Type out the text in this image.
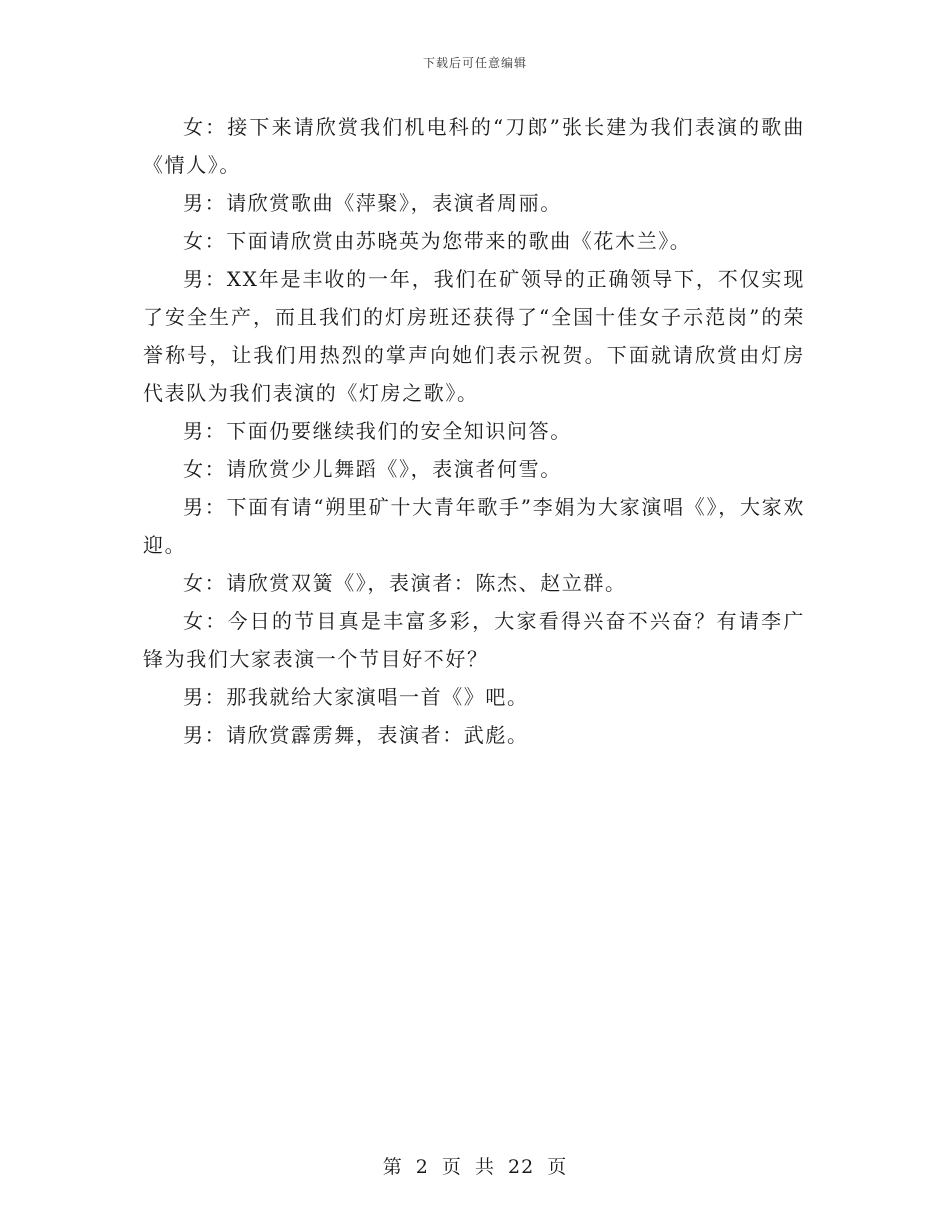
下载后可任意编辑

女：接下来请欣赏我们机电科的“刀郎”张长建为我们表演的歌曲《情人》。

男：请欣赏歌曲《萍聚》，表演者周丽。

女：下面请欣赏由苏晓英为您带来的歌曲《花木兰》。

男：XX年是丰收的一年，我们在矿领导的正确领导下，不仅实现了安全生产，而且我们的灯房班还获得了“全国十佳女子示范岗”的荣誉称号，让我们用热烈的掌声向她们表示祝贺。下面就请欣赏由灯房代表队为我们表演的《灯房之歌》。

男：下面仍要继续我们的安全知识问答。

女：请欣赏少儿舞蹈《》，表演者何雪。

男：下面有请“朔里矿十大青年歌手”李娟为大家演唱《》，大家欢迎。

女：请欣赏双簧《》，表演者：陈杰、赵立群。

女：今日的节目真是丰富多彩，大家看得兴奋不兴奋？有请李广锋为我们大家表演一个节目好不好？

男：那我就给大家演唱一首《》吧。

男：请欣赏霹雳舞，表演者：武彪。

第 2 页 共 22 页
